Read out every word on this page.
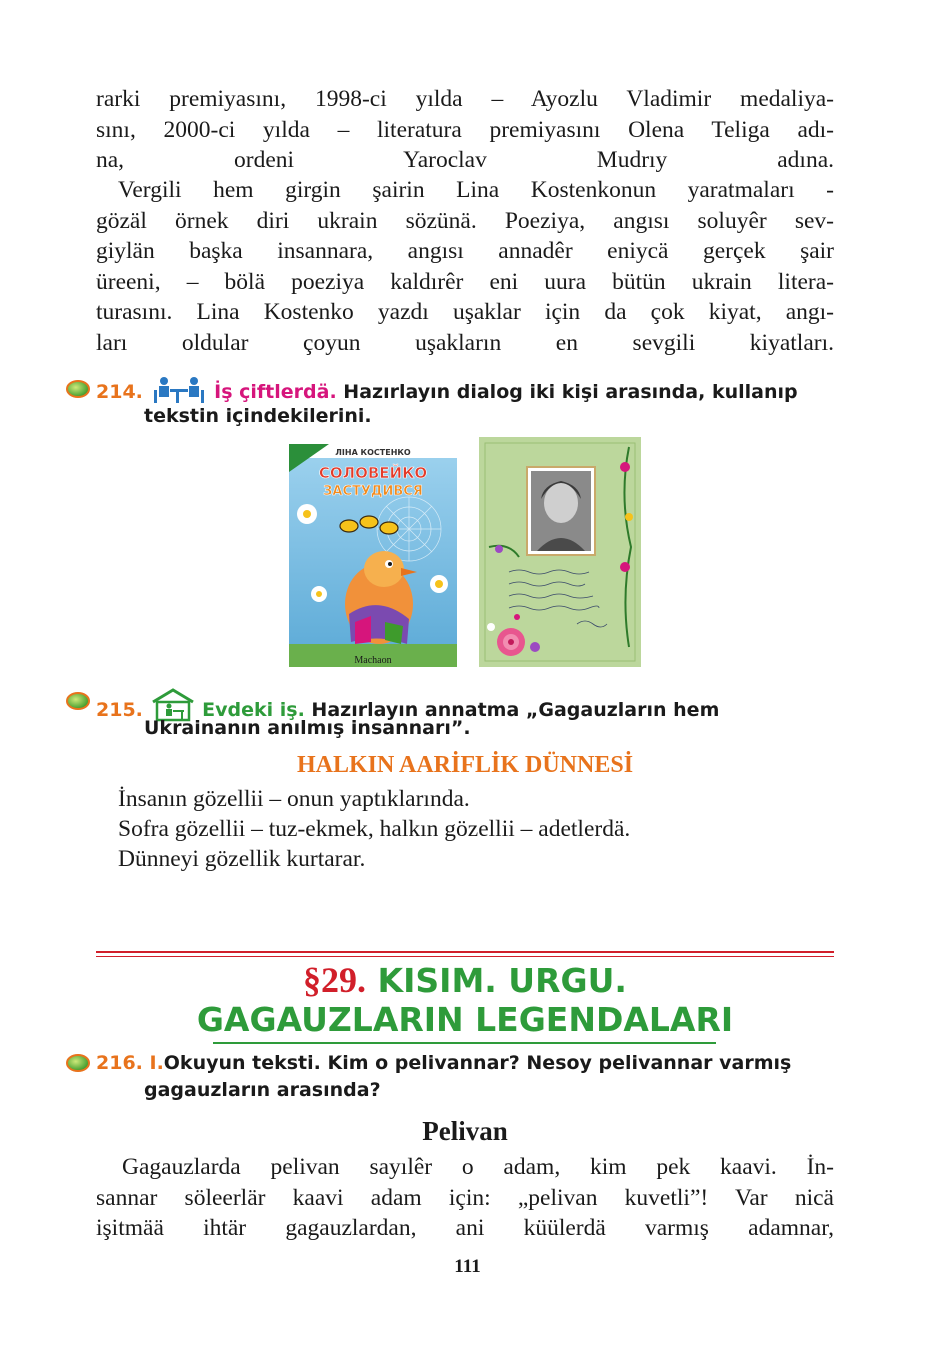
rarki premiyasını, 1998-ci yılda – Ayozlu Vladimir medaliya-
sını, 2000-ci yılda – literatura premiyasını Olena Teliga adı-
na, ordeni Yaroclav Mudrıy adına.
Vergili hem girgin şairin Lina Kostenkonun yaratmaları -
gözäl örnek diri ukrain sözünä. Poeziya, angısı soluyêr sev-
giylän başka insannara, angısı annadêr eniycä gerçek şair
üreeni, – bölä poeziya kaldırêr eni uura bütün ukrain litera-
turasını. Lina Kostenko yazdı uşaklar için da çok kiyat, angı-
ları oldular çoyun uşakların en sevgili kiyatları.
214.	İş çiftlerdä. Hazırlayın dialog iki kişi arasında, kullanıp
tekstin içindekilerini.
ЛІНА КОСТЕНКО
СОЛОВЕЙКО
ЗАСТУДИВСЯ
Machaon
215.	Evdeki iş. Hazırlayın annatma „Gagauzların hem
Ukrainanın anılmış insannarı”.
HALKIN AARİFLİK DÜNNESİ
İnsanın gözellii – onun yaptıklarında.
Sofra gözellii – tuz-ekmek, halkın gözellii – adetlerdä.
Dünneyi gözellik kurtarar.
§29. KISIM. URGU.
GAGAUZLARIN LEGENDALARI
216. I.Okuyun teksti. Kim o pelivannar? Nesoy pelivannar varmış
gagauzların arasında?
Pelivan
Gagauzlarda pelivan sayılêr o adam, kim pek kaavi. İn-
sannar söleerlär kaavi adam için: „pelivan kuvetli”! Var nicä
işitmää ihtär gagauzlardan, ani küülerdä varmış adamnar,
111
